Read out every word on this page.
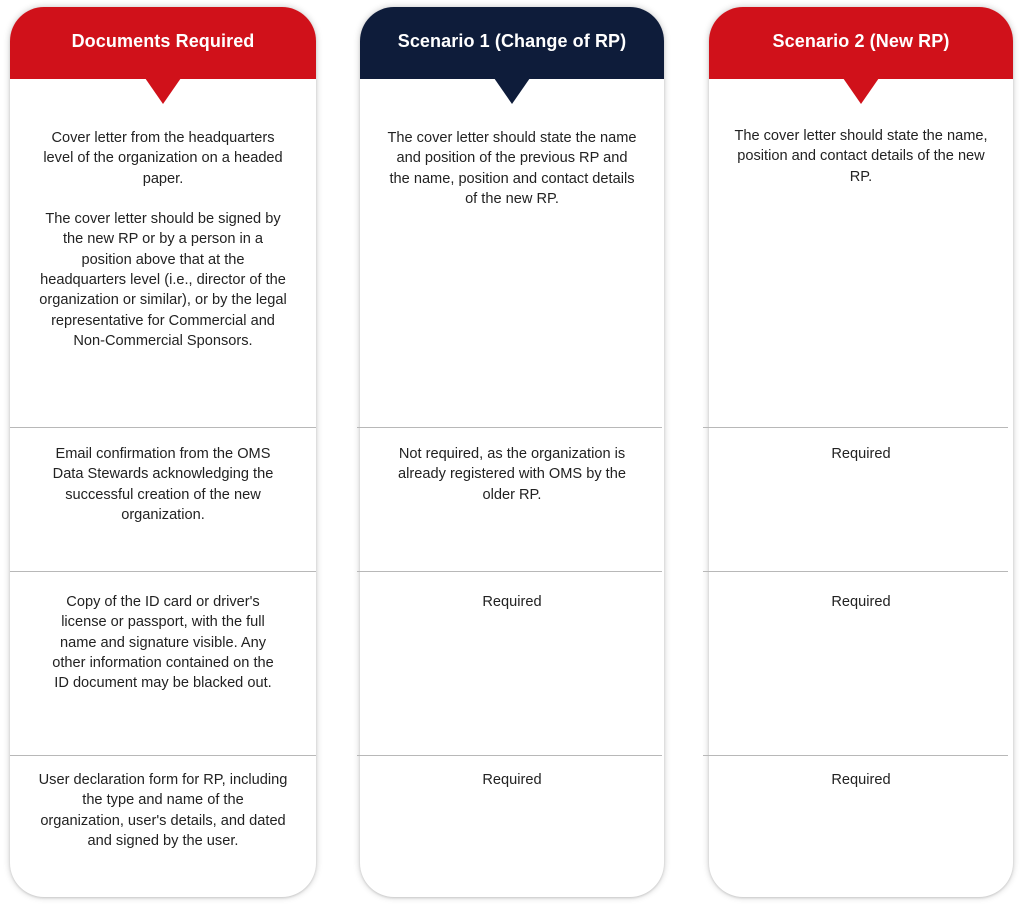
Documents Required
Cover letter from the headquarters
level of the organization on a headed
paper.

The cover letter should be signed by
the new RP or by a person in a
position above that at the
headquarters level (i.e., director of the
organization or similar), or by the legal
representative for Commercial and
Non-Commercial Sponsors.
Email confirmation from the OMS
Data Stewards acknowledging the
successful creation of the new
organization.
Copy of the ID card or driver's
license or passport, with the full
name and signature visible. Any
other information contained on the
ID document may be blacked out.
User declaration form for RP, including
the type and name of the
organization, user's details, and dated
and signed by the user.
Scenario 1 (Change of RP)
The cover letter should state the name
and position of the previous RP and
the name, position and contact details
of the new RP.
Not required, as the organization is
already registered with OMS by the
older RP.
Required
Required
Scenario 2 (New RP)
The cover letter should state the name,
position and contact details of the new
RP.
Required
Required
Required
